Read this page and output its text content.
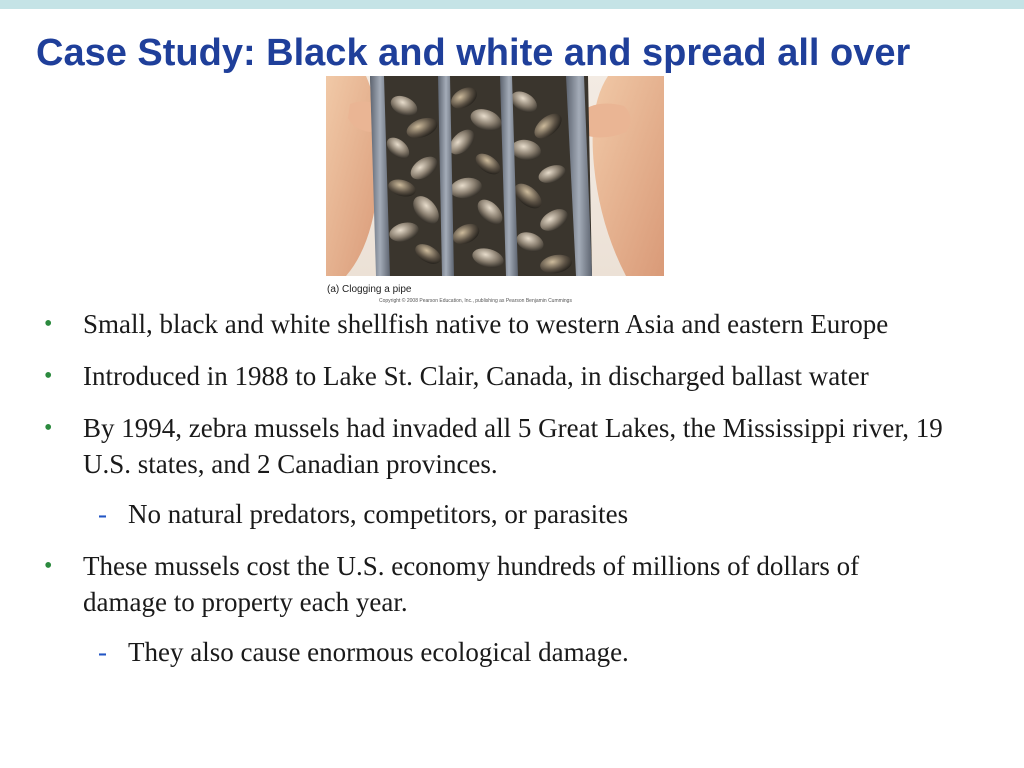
Case Study: Black and white and spread all over
(a) Clogging a pipe
Copyright © 2008 Pearson Education, Inc., publishing as Pearson Benjamin Cummings
• Small, black and white shellfish native to western Asia and eastern Europe
• Introduced in 1988 to Lake St. Clair, Canada, in discharged ballast water
• By 1994, zebra mussels had invaded all 5 Great Lakes, the Mississippi river, 19 U.S. states, and 2 Canadian provinces.
- No natural predators, competitors, or parasites
• These mussels cost the U.S. economy hundreds of millions of dollars of damage to property each year.
- They also cause enormous ecological damage.
